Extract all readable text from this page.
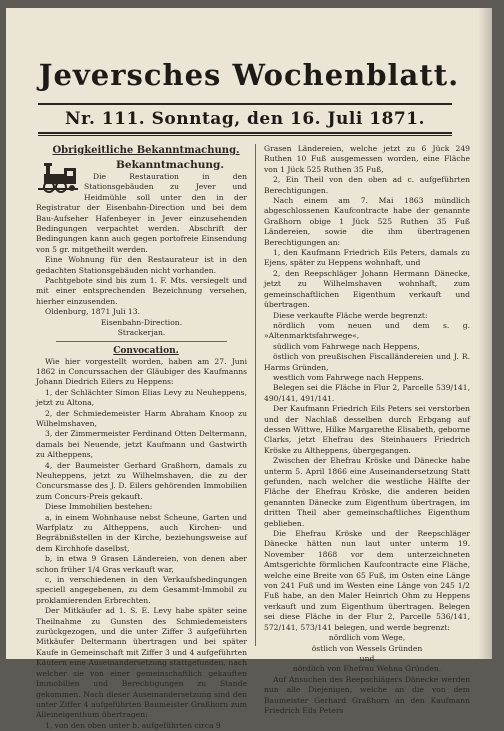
Jeversches Wochenblatt.
Nr. 111. Sonntag, den 16. Juli 1871.

Obrigkeitliche Bekanntmachung.

Bekanntmachung.

Die Restauration in den Stationsgebäuden zu Jever und Heidmühle soll unter den in der Registratur der Eisenbahn-Direction und bei dem Bau-Aufseher Hafenbeyer in Jever einzusehenden Bedingungen verpachtet werden. Abschrift der Bedingungen kann auch gegen portofreie Einsendung von 5 gr. mitgetheilt werden.

Eine Wohnung für den Restaurateur ist in den gedachten Stationsgebäuden nicht vorhanden.

Pachtgebote sind bis zum 1. F. Mts. versiegelt und mit einer entsprechenden Bezeichnung versehen, hierher einzusenden.

Oldenburg, 1871 Juli 13.

Eisenbahn-Direction.

Strackerjan.

Convocation.

Wie hier vorgestellt worden, haben am 27. Juni 1862 in Concurssachen der Gläubiger des Kaufmanns Johann Diedrich Eilers zu Heppens:

1, der Schlächter Simon Elias Levy zu Neuheppens, jetzt zu Altona,

2, der Schmiedemeister Harm Abraham Knoop zu Wilhelmshaven,

3, der Zimmermeister Ferdinand Otten Deltermann, damals bei Neuende, jetzt Kaufmann und Gastwirth zu Altheppens,

4, der Baumeister Gerhard Graßhorn, damals zu Neuheppens, jetzt zu Wilhelmshaven, die zu der Concursmasse des J. D. Eilers gehörenden Immobilien zum Concurs-Preis gekauft.

Diese Immobilien bestehen:

a, in einem Wohnhause nebst Scheune, Garten und Warfplatz zu Altheppens, auch Kirchen- und Begräbnißstellen in der Kirche, beziehungsweise auf dem Kirchhofe daselbst,

b, in etwa 9 Grasen Ländereien, von denen aber schon früher 1/4 Gras verkauft war,

c, in verschiedenen in den Verkaufsbedingungen speciell angegebenen, zu dem Gesammt-Immobil zu proklamierenden Erbrechten.

Der Mitkäufer ad 1. S. E. Levy habe später seine Theilnahme zu Gunsten des Schmiedemeisters zurückgezogen, und die unter Ziffer 3 aufgeführten Mitkäufer Deltermann übertragen und bei später Kaufe in Gemeinschaft mit Ziffer 3 und 4 aufgeführten Käufern eine Auseinandersetzung stattgefunden, nach welcher sie von einer gemeinschaftlich gekauften Immobilien und Berechtigungen zu Stande gekommen. Nach dieser Auseinandersetzung sind den unter Ziffer 4 aufgeführten Baumeister Graßhorn zum Alleineigenthum übertragen:

1, von den oben unter b. aufgeführten circa 9

Grasen Ländereien, welche jetzt zu 6 Jück 249 Ruthen 10 Fuß ausgemessen worden, eine Fläche von 1 Jück 525 Ruthen 35 Fuß,

2, Ein Theil von den oben ad c. aufgeführten Berechtigungen.

Nach einem am 7. Mai 1863 mündlich abgeschlossenen Kaufcontracte habe der genannte Graßhorn obige 1 Jück 525 Ruthen 35 Fuß Ländereien, sowie die ihm übertragenen Berechtigungen an:

1, den Kaufmann Friedrich Eils Peters, damals zu Ejens, später zu Heppens wohnhaft, und

2, den Reepschläger Johann Hermann Dänecke, jetzt zu Wilhelmshaven wohnhaft, zum gemeinschaftlichen Eigenthum verkauft und übertragen.

Diese verkaufte Fläche werde begrenzt:

nördlich vom neuen und dem s. g. »Altenmarktsfahrwege«,

südlich vom Fahrwege nach Heppens,

östlich von preußischen Fiscalländereien und J. R. Harms Gründen,

westlich vom Fahrwege nach Heppens.

Belegen sei die Fläche in Flur 2, Parcelle 539/141, 490/141, 491/141.

Der Kaufmann Friedrich Eils Peters sei verstorben und der Nachlaß desselben durch Erbgang auf dessen Wittwe, Hilke Margarethe Elisabeth, geborne Clarks, jetzt Ehefrau des Steinhauers Friedrich Kröske zu Altheppens, übergegangen.

Zwischen der Ehefrau Kröske und Dänecke habe unterm 5. April 1866 eine Auseinandersetzung Statt gefunden, nach welcher die westliche Hälfte der Fläche der Ehefrau Kröske, die anderen beiden genannten Dänecke zum Eigenthum übertragen, im dritten Theil aber gemeinschaftliches Eigenthum geblieben.

Die Ehefrau Kröske und der Reepschläger Dänecke hätten nun laut unter unterm 19. November 1868 vor dem unterzeichneten Amtsgerichte förmlichen Kaufcontracte eine Fläche, welche eine Breite von 65 Fuß, im Osten eine Länge von 241 Fuß und im Westen eine Länge von 245 1/2 Fuß habe, an den Maler Heinrich Ohm zu Heppens verkauft und zum Eigenthum übertragen. Belegen sei diese Fläche in der Flur 2, Parcelle 536/141, 572/141, 573/141 belegen, und werde begrenzt:

nördlich vom Wege,

östlich von Wessels Gründen

und

nördlich von Ehefrau Wehna Gründen.

Auf Ansuchen des Reepschlägers Dänecke werden nun alle Diejenigen, welche an die von dem Baumeister Gerhard Graßhorn an den Kaufmann Friedrich Eils Peters
